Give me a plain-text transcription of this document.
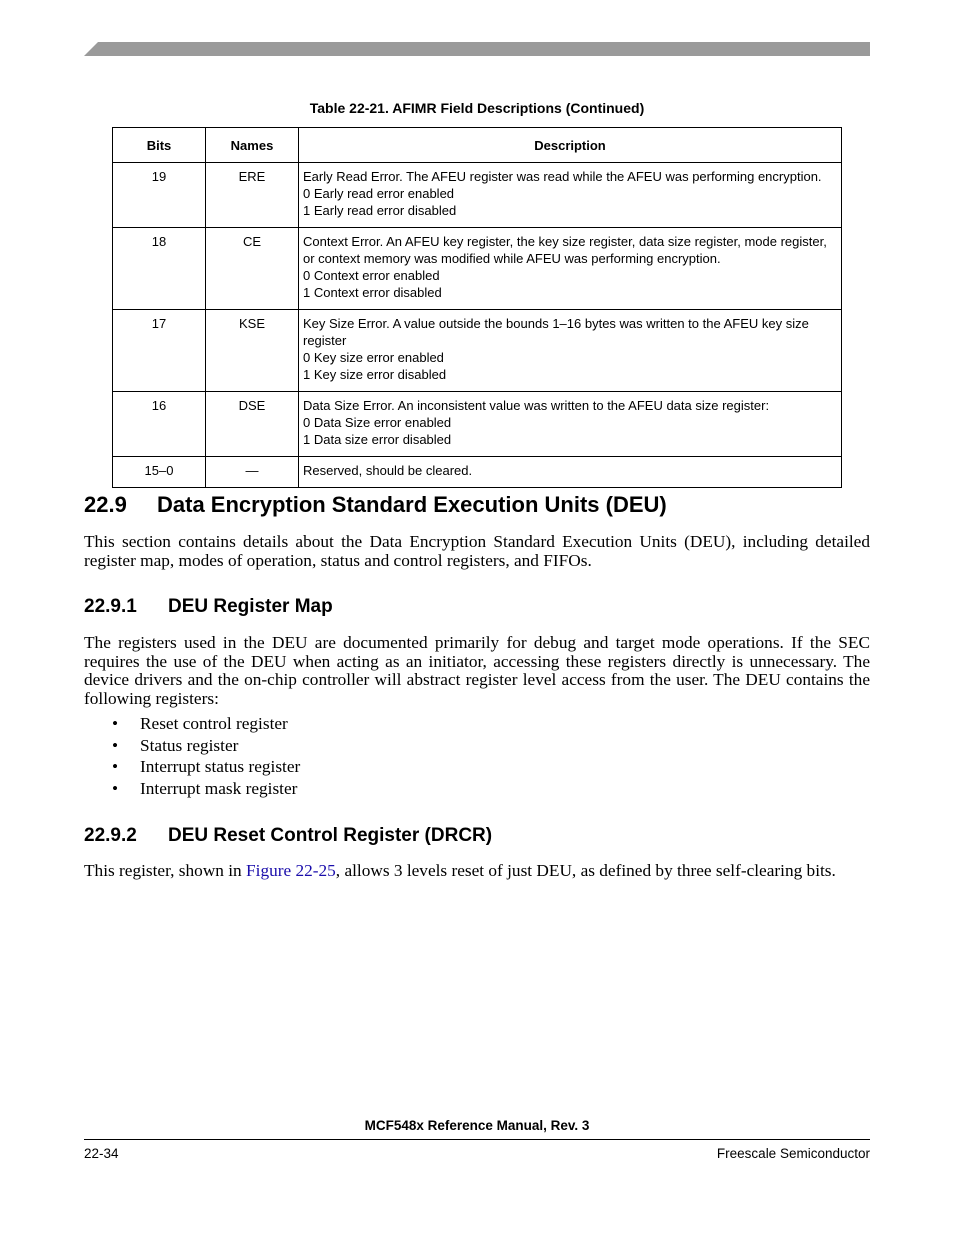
Table 22-21. AFIMR Field Descriptions (Continued)
Bits	Names	Description
19	ERE	Early Read Error. The AFEU register was read while the AFEU was performing encryption.
0 Early read error enabled
1 Early read error disabled

18	CE	Context Error. An AFEU key register, the key size register, data size register, mode register, or context memory was modified while AFEU was performing encryption.
0 Context error enabled
1 Context error disabled

17	KSE	Key Size Error. A value outside the bounds 1–16 bytes was written to the AFEU key size register
0 Key size error enabled
1 Key size error disabled

16	DSE	Data Size Error. An inconsistent value was written to the AFEU data size register:
0 Data Size error enabled
1 Data size error disabled

15–0	—	Reserved, should be cleared.
22.9 Data Encryption Standard Execution Units (DEU)

This section contains details about the Data Encryption Standard Execution Units (DEU), including detailed register map, modes of operation, status and control registers, and FIFOs.

22.9.1 DEU Register Map

The registers used in the DEU are documented primarily for debug and target mode operations. If the SEC requires the use of the DEU when acting as an initiator, accessing these registers directly is unnecessary. The device drivers and the on-chip controller will abstract register level access from the user. The DEU contains the following registers:

• Reset control register
• Status register
• Interrupt status register
• Interrupt mask register
22.9.2 DEU Reset Control Register (DRCR)

This register, shown in Figure 22-25, allows 3 levels reset of just DEU, as defined by three self-clearing bits.

MCF548x Reference Manual, Rev. 3
22-34	Freescale Semiconductor
